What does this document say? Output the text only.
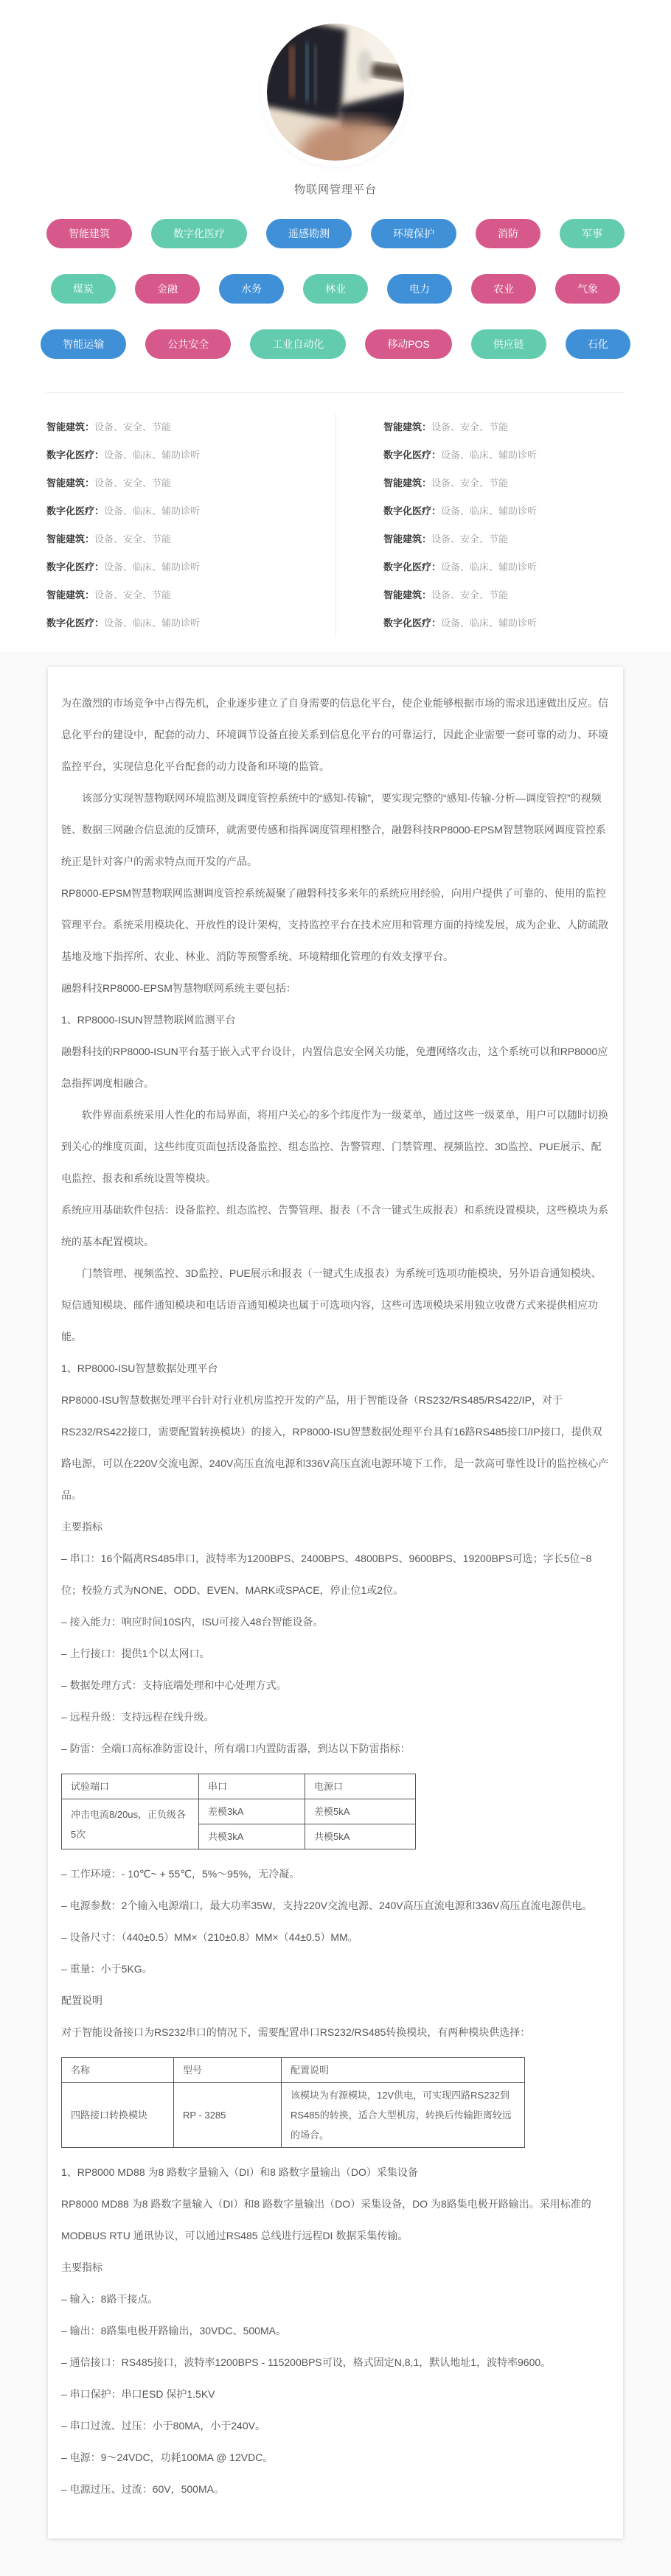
物联网管理平台
智能建筑	数字化医疗	遥感勘测	环境保护	消防	军事
煤炭	金融	水务	林业	电力	农业	气象
智能运输	公共安全	工业自动化	移动POS	供应链	石化
智能建筑：设备、安全、节能
数字化医疗：设备、临床、辅助诊听
智能建筑：设备、安全、节能
数字化医疗：设备、临床、辅助诊听
智能建筑：设备、安全、节能
数字化医疗：设备、临床、辅助诊听
智能建筑：设备、安全、节能
数字化医疗：设备、临床、辅助诊听
智能建筑：设备、安全、节能
数字化医疗：设备、临床、辅助诊听
智能建筑：设备、安全、节能
数字化医疗：设备、临床、辅助诊听
智能建筑：设备、安全、节能
数字化医疗：设备、临床、辅助诊听
智能建筑：设备、安全、节能
数字化医疗：设备、临床、辅助诊听
为在激烈的市场竞争中占得先机，企业逐步建立了自身需要的信息化平台，使企业能够根据市场的需求迅速做出反应。信息化平台的建设中，配套的动力、环境调节设备直接关系到信息化平台的可靠运行，因此企业需要一套可靠的动力、环境监控平台，实现信息化平台配套的动力设备和环境的监管。
该部分实现智慧物联网环境监测及调度管控系统中的“感知-传输”，要实现完整的“感知-传输-分析—调度管控”的视频链、数据三网融合信息流的反馈环，就需要传感和指挥调度管理相整合，融磐科技RP8000-EPSM智慧物联网调度管控系统正是针对客户的需求特点而开发的产品。
RP8000-EPSM智慧物联网监测调度管控系统凝聚了融磐科技多来年的系统应用经验，向用户提供了可靠的、使用的监控管理平台。系统采用模块化、开放性的设计架构，支持监控平台在技术应用和管理方面的持续发展，成为企业、人防疏散基地及地下指挥所、农业、林业、消防等预警系统、环境精细化管理的有效支撑平台。
融磐科技RP8000-EPSM智慧物联网系统主要包括：
1、RP8000-ISUN智慧物联网监测平台
融磐科技的RP8000-ISUN平台基于嵌入式平台设计，内置信息安全网关功能，免遭网络攻击，这个系统可以和RP8000应急指挥调度相融合。
软件界面系统采用人性化的布局界面，将用户关心的多个纬度作为一级菜单，通过这些一级菜单，用户可以随时切换到关心的维度页面，这些纬度页面包括设备监控、组态监控、告警管理、门禁管理、视频监控、3D监控、PUE展示、配电监控、报表和系统设置等模块。
系统应用基础软件包括：设备监控、组态监控、告警管理、报表（不含一键式生成报表）和系统设置模块，这些模块为系统的基本配置模块。
门禁管理、视频监控、3D监控、PUE展示和报表（一键式生成报表）为系统可选项功能模块，另外语音通知模块、短信通知模块、邮件通知模块和电话语音通知模块也属于可选项内容，这些可选项模块采用独立收费方式来提供相应功能。
1、RP8000-ISU智慧数据处理平台
RP8000-ISU智慧数据处理平台针对行业机房监控开发的产品，用于智能设备（RS232/RS485/RS422/IP，对于RS232/RS422接口，需要配置转换模块）的接入，RP8000-ISU智慧数据处理平台具有16路RS485接口/IP接口，提供双路电源，可以在220V交流电源、240V高压直流电源和336V高压直流电源环境下工作，是一款高可靠性设计的监控核心产品。
主要指标
– 串口：16个隔离RS485串口，波特率为1200BPS、2400BPS、4800BPS、9600BPS、19200BPS可选；字长5位~8位；校验方式为NONE、ODD、EVEN、MARK或SPACE，停止位1或2位。
– 接入能力：响应时间10S内，ISU可接入48台智能设备。
– 上行接口：提供1个以太网口。
– 数据处理方式：支持底端处理和中心处理方式。
– 远程升级：支持远程在线升级。
– 防雷：全端口高标准防雷设计，所有端口内置防雷器，到达以下防雷指标：
试验端口	串口	电源口
冲击电流8/20us，正负级各5次	差模3kA	差模5kA
	共模3kA	共模5kA
– 工作环境：- 10℃~ + 55℃，5%～95%，无冷凝。
– 电源参数：2个输入电源端口，最大功率35W，支持220V交流电源、240V高压直流电源和336V高压直流电源供电。
– 设备尺寸：（440±0.5）MM×（210±0.8）MM×（44±0.5）MM。
– 重量：小于5KG。
配置说明
对于智能设备接口为RS232串口的情况下，需要配置串口RS232/RS485转换模块，有两种模块供选择：
名称	型号	配置说明
四路接口转换模块	RP - 3285	该模块为有源模块，12V供电，可实现四路RS232到RS485的转换，适合大型机房，转换后传输距离较远的场合。
1、RP8000 MD88 为8 路数字量输入（DI）和8 路数字量输出（DO）采集设备
RP8000 MD88 为8 路数字量输入（DI）和8 路数字量输出（DO）采集设备，DO 为8路集电极开路输出。采用标准的MODBUS RTU 通讯协议，可以通过RS485 总线进行远程DI 数据采集传输。
主要指标
– 输入：8路干接点。
– 输出：8路集电极开路输出，30VDC、500MA。
– 通信接口：RS485接口，波特率1200BPS - 115200BPS可设，格式固定N,8,1，默认地址1，波特率9600。
– 串口保护：串口ESD 保护1.5KV
– 串口过流、过压：小于80MA，小于240V。
– 电源：9～24VDC，功耗100MA @ 12VDC。
– 电源过压、过流：60V，500MA。
